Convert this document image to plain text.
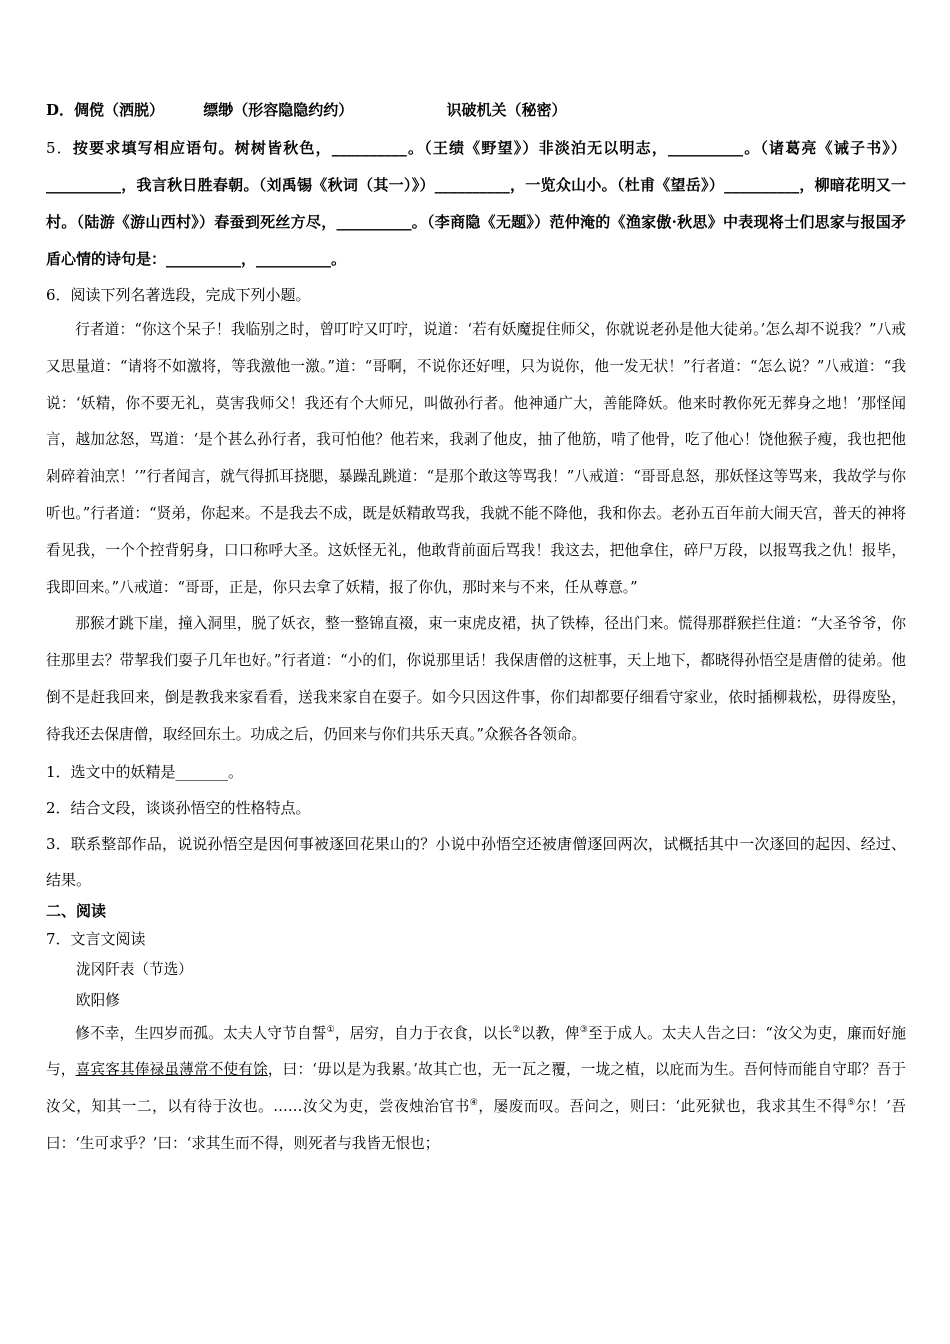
D．倜傥（洒脱）	缥缈（形容隐隐约约）	识破机关（秘密）

5．按要求填写相应语句。树树皆秋色，__________。（王绩《野望》）非淡泊无以明志，__________。（诸葛亮《诫子书》）__________，我言秋日胜春朝。（刘禹锡《秋词（其一）》）__________，一览众山小。（杜甫《望岳》）__________，柳暗花明又一村。（陆游《游山西村》）春蚕到死丝方尽，__________。（李商隐《无题》）范仲淹的《渔家傲·秋思》中表现将士们思家与报国矛盾心情的诗句是：__________，__________。

6．阅读下列名著选段，完成下列小题。

行者道：“你这个呆子！我临别之时，曾叮咛又叮咛，说道：‘若有妖魔捉住师父，你就说老孙是他大徒弟。’怎么却不说我？”八戒又思量道：“请将不如激将，等我激他一激。”道：“哥啊，不说你还好哩，只为说你，他一发无状！”行者道：“怎么说？”八戒道：“我说：‘妖精，你不要无礼，莫害我师父！我还有个大师兄，叫做孙行者。他神通广大，善能降妖。他来时教你死无葬身之地！’那怪闻言，越加忿怒，骂道：‘是个甚么孙行者，我可怕他？他若来，我剥了他皮，抽了他筋，啃了他骨，吃了他心！饶他猴子瘦，我也把他剁碎着油烹！’”行者闻言，就气得抓耳挠腮，暴躁乱跳道：“是那个敢这等骂我！”八戒道：“哥哥息怒，那妖怪这等骂来，我故学与你听也。”行者道：“贤弟，你起来。不是我去不成，既是妖精敢骂我，我就不能不降他，我和你去。老孙五百年前大闹天宫，普天的神将看见我，一个个控背躬身，口口称呼大圣。这妖怪无礼，他敢背前面后骂我！我这去，把他拿住，碎尸万段，以报骂我之仇！报毕，我即回来。”八戒道：“哥哥，正是，你只去拿了妖精，报了你仇，那时来与不来，任从尊意。”

那猴才跳下崖，撞入洞里，脱了妖衣，整一整锦直裰，束一束虎皮裙，执了铁棒，径出门来。慌得那群猴拦住道：“大圣爷爷，你往那里去？带挈我们耍子几年也好。”行者道：“小的们，你说那里话！我保唐僧的这桩事，天上地下，都晓得孙悟空是唐僧的徒弟。他倒不是赶我回来，倒是教我来家看看，送我来家自在耍子。如今只因这件事，你们却都要仔细看守家业，依时插柳栽松，毋得废坠，待我还去保唐僧，取经回东土。功成之后，仍回来与你们共乐天真。”众猴各各领命。

1．选文中的妖精是_______。

2．结合文段，谈谈孙悟空的性格特点。

3．联系整部作品，说说孙悟空是因何事被逐回花果山的？小说中孙悟空还被唐僧逐回两次，试概括其中一次逐回的起因、经过、结果。

二、阅读

7．文言文阅读

泷冈阡表（节选）

欧阳修

修不幸，生四岁而孤。太夫人守节自誓①，居穷，自力于衣食，以长②以教，俾③至于成人。太夫人告之曰：“汝父为吏，廉而好施与，喜宾客其俸禄虽薄常不使有馀，曰：‘毋以是为我累。’故其亡也，无一瓦之覆，一垅之植，以庇而为生。吾何恃而能自守耶？吾于汝父，知其一二，以有待于汝也。……汝父为吏，尝夜烛治官书④，屡废而叹。吾问之，则曰：‘此死狱也，我求其生不得⑤尔！’吾曰：‘生可求乎？’曰：‘求其生而不得，则死者与我皆无恨也；
